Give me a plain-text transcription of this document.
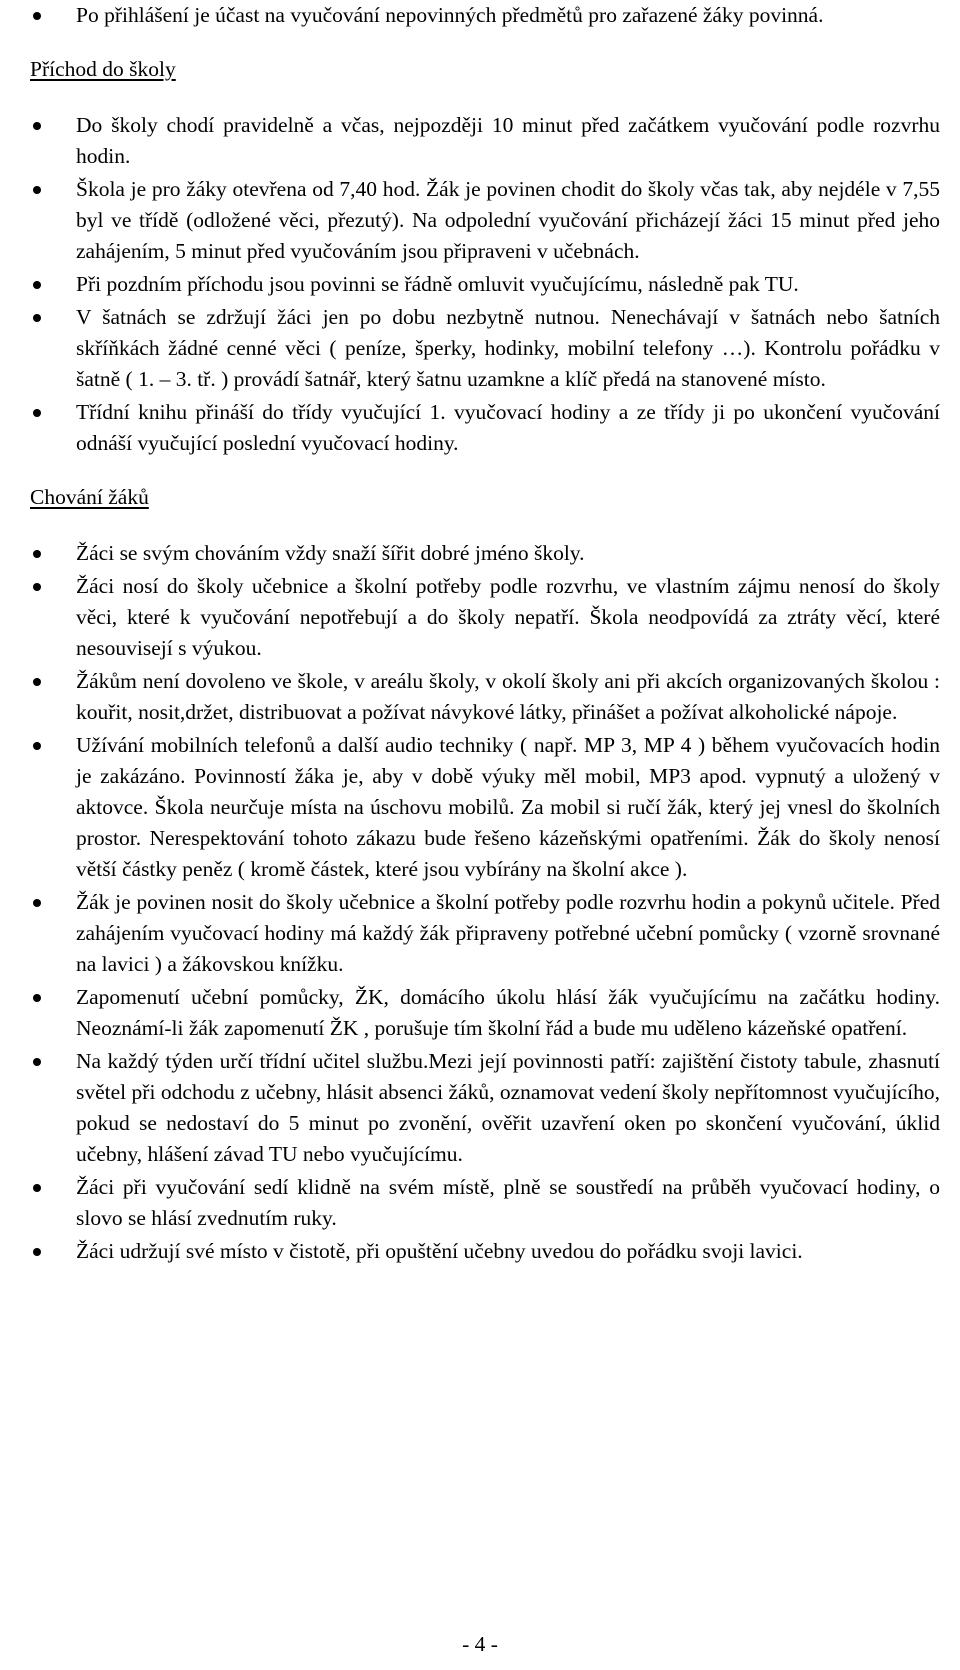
Po přihlášení je účast na vyučování nepovinných předmětů pro zařazené žáky povinná.
Příchod do školy
Do školy chodí pravidelně a včas, nejpozději 10 minut před začátkem vyučování podle rozvrhu hodin.
Škola je pro žáky otevřena od 7,40 hod. Žák je povinen chodit do školy včas tak, aby nejdéle v 7,55 byl ve třídě (odložené věci, přezutý). Na odpolední vyučování přicházejí žáci 15 minut před jeho zahájením, 5 minut před vyučováním jsou připraveni v učebnách.
Při pozdním příchodu jsou povinni se řádně omluvit vyučujícímu, následně pak TU.
V šatnách se zdržují žáci jen po dobu nezbytně nutnou. Nenechávají v šatnách nebo šatních skříňkách žádné cenné věci ( peníze, šperky, hodinky, mobilní telefony …). Kontrolu pořádku v šatně ( 1. – 3. tř. ) provádí šatnář, který šatnu uzamkne a klíč předá na stanovené místo.
Třídní knihu přináší do třídy vyučující 1. vyučovací hodiny a ze třídy ji po ukončení vyučování odnáší vyučující poslední vyučovací hodiny.
Chování žáků
Žáci se svým chováním vždy snaží šířit dobré jméno školy.
Žáci nosí do školy učebnice a školní potřeby podle rozvrhu, ve vlastním zájmu nenosí do školy věci, které k vyučování nepotřebují a do školy nepatří. Škola neodpovídá za ztráty věcí, které nesouvisejí s výukou.
Žákům není dovoleno ve škole, v areálu školy, v okolí školy ani při akcích organizovaných školou : kouřit, nosit,držet, distribuovat a požívat návykové látky, přinášet a požívat alkoholické nápoje.
Užívání mobilních telefonů a další audio techniky ( např. MP 3, MP 4 ) během vyučovacích hodin je zakázáno. Povinností žáka je, aby v době výuky měl mobil, MP3 apod. vypnutý a uložený v aktovce. Škola neurčuje místa na úschovu mobilů. Za mobil si ručí žák, který jej vnesl do školních prostor. Nerespektování tohoto zákazu bude řešeno kázeňskými opatřeními. Žák do školy nenosí větší částky peněz ( kromě částek, které jsou vybírány na školní akce ).
Žák je povinen nosit do školy učebnice a školní potřeby podle rozvrhu hodin a pokynů učitele. Před zahájením vyučovací hodiny má každý žák připraveny potřebné učební pomůcky ( vzorně srovnané na lavici ) a žákovskou knížku.
Zapomenutí učební pomůcky, ŽK, domácího úkolu hlásí žák vyučujícímu na začátku hodiny. Neoznámí-li žák zapomenutí ŽK , porušuje tím školní řád a bude mu uděleno kázeňské opatření.
Na každý týden určí třídní učitel službu.Mezi její povinnosti patří: zajištění čistoty tabule, zhasnutí světel při odchodu z učebny, hlásit absenci žáků, oznamovat vedení školy nepřítomnost vyučujícího, pokud se nedostaví do 5 minut po zvonění, ověřit uzavření oken po skončení vyučování, úklid učebny, hlášení závad TU nebo vyučujícímu.
Žáci při vyučování sedí klidně na svém místě, plně se soustředí na průběh vyučovací hodiny, o slovo se hlásí zvednutím ruky.
Žáci udržují své místo v čistotě, při opuštění učebny uvedou do pořádku svoji lavici.
- 4 -
